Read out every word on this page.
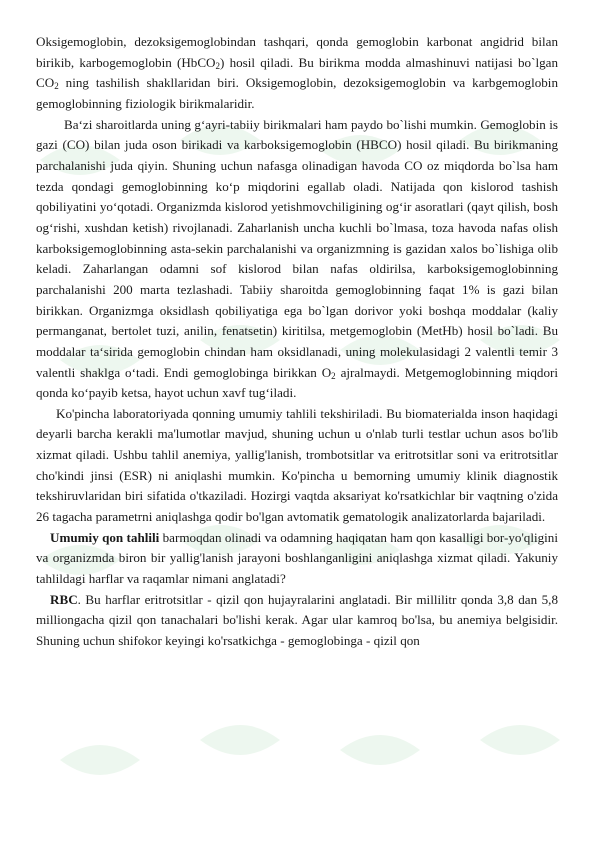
Oksigemoglobin, dezoksigemoglobindan tashqari, qonda gemoglobin karbonat angidrid bilan birikib, karbogemoglobin (HbCO$_2$) hosil qiladi. Bu birikma modda almashinuvi natijasi bo`lgan $CO_2$ ning tashilish shakllaridan biri. Oksigemoglobin, dezoksigemoglobin va karbgemoglobin gemoglobinning fiziologik birikmalaridir.

Ba‘zi sharoitlarda uning g‘ayri-tabiiy birikmalari ham paydo bo`lishi mumkin. Gemoglobin is gazi (CO) bilan juda oson birikadi va karboksigemoglobin (HBCO) hosil qiladi. Bu birikmaning parchalanishi juda qiyin. Shuning uchun nafasga olinadigan havoda CO oz miqdorda bo`lsa ham tezda qondagi gemoglobinning ko‘p miqdorini egallab oladi. Natijada qon kislorod tashish qobiliyatini yo‘qotadi. Organizmda kislorod yetishmovchiligining og‘ir asoratlari (qayt qilish, bosh og‘rishi, xushdan ketish) rivojlanadi. Zaharlanish uncha kuchli bo`lmasa, toza havoda nafas olish karboksigemoglobinning asta-sekin parchalanishi va organizmning is gazidan xalos bo`lishiga olib keladi. Zaharlangan odamni sof kislorod bilan nafas oldirilsa, karboksigemoglobinning parchalanishi 200 marta tezlashadi. Tabiiy sharoitda gemoglobinning faqat 1% is gazi bilan birikkan. Organizmga oksidlash qobiliyatiga ega bo`lgan dorivor yoki boshqa moddalar (kaliy permanganat, bertolet tuzi, anilin, fenatsetin) kiritilsa, metgemoglobin (MetHb) hosil bo`ladi. Bu moddalar ta‘sirida gemoglobin chindan ham oksidlanadi, uning molekulasidagi 2 valentli temir 3 valentli shaklga o‘tadi. Endi gemoglobinga birikkan $O_2$ ajralmaydi. Metgemoglobinning miqdori qonda ko‘payib ketsa, hayot uchun xavf tug‘iladi.

Ko'pincha laboratoriyada qonning umumiy tahlili tekshiriladi. Bu biomaterialda inson haqidagi deyarli barcha kerakli ma'lumotlar mavjud, shuning uchun u o'nlab turli testlar uchun asos bo'lib xizmat qiladi. Ushbu tahlil anemiya, yallig'lanish, trombotsitlar va eritrotsitlar soni va eritrotsitlar cho'kindi jinsi (ESR) ni aniqlashi mumkin. Ko'pincha u bemorning umumiy klinik diagnostik tekshiruvlaridan biri sifatida o'tkaziladi. Hozirgi vaqtda aksariyat ko'rsatkichlar bir vaqtning o'zida 26 tagacha parametrni aniqlashga qodir bo'lgan avtomatik gematologik analizatorlarda bajariladi.

Umumiy qon tahlili barmoqdan olinadi va odamning haqiqatan ham qon kasalligi bor-yo'qligini va organizmda biron bir yallig'lanish jarayoni boshlanganligini aniqlashga xizmat qiladi. Yakuniy tahlildagi harflar va raqamlar nimani anglatadi?

RBC. Bu harflar eritrotsitlar - qizil qon hujayralarini anglatadi. Bir millilitr qonda 3,8 dan 5,8 milliongacha qizil qon tanachalari bo'lishi kerak. Agar ular kamroq bo'lsa, bu anemiya belgisidir. Shuning uchun shifokor keyingi ko'rsatkichga - gemoglobinga - qizil qon
